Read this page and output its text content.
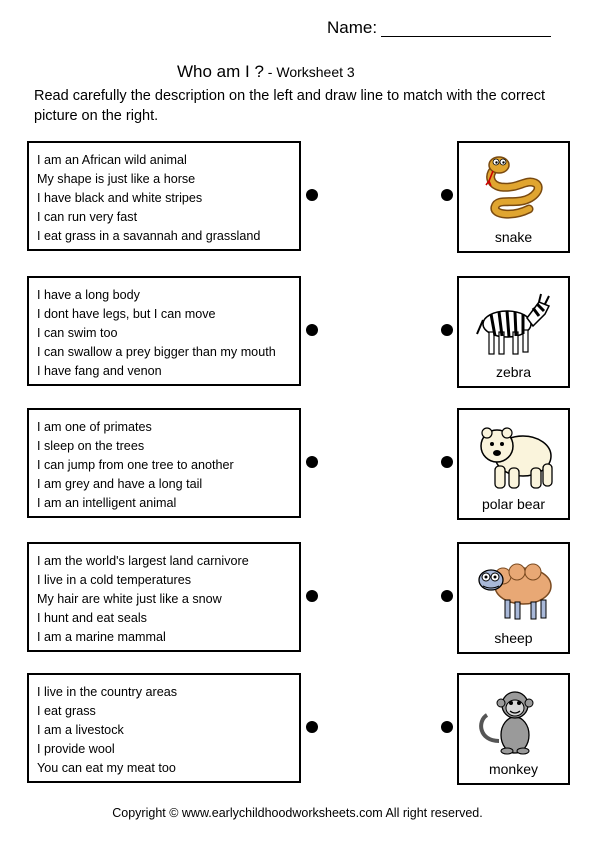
Name:
Who am I ? - Worksheet 3
Read carefully the description on the left and draw line to match with the correct picture on the right.
I am an African wild animal
My shape is just like a horse
I have black and white stripes
I can run very fast
I eat grass in a savannah and grassland
I have a long body
I dont have legs, but I can move
I can swim too
I can swallow a prey bigger than my mouth
I have fang and venon
I am one of primates
I sleep on the trees
I can jump from one tree to another
I am grey and have a long tail
I am an intelligent animal
I am the world's largest land carnivore
I live in a cold temperatures
My hair are white just like a snow
I hunt and eat seals
I am a marine mammal
I live in the country areas
I eat grass
I am a livestock
I provide wool
You can eat my meat too
snake
zebra
polar bear
sheep
monkey
Copyright © www.earlychildhoodworksheets.com All right reserved.
